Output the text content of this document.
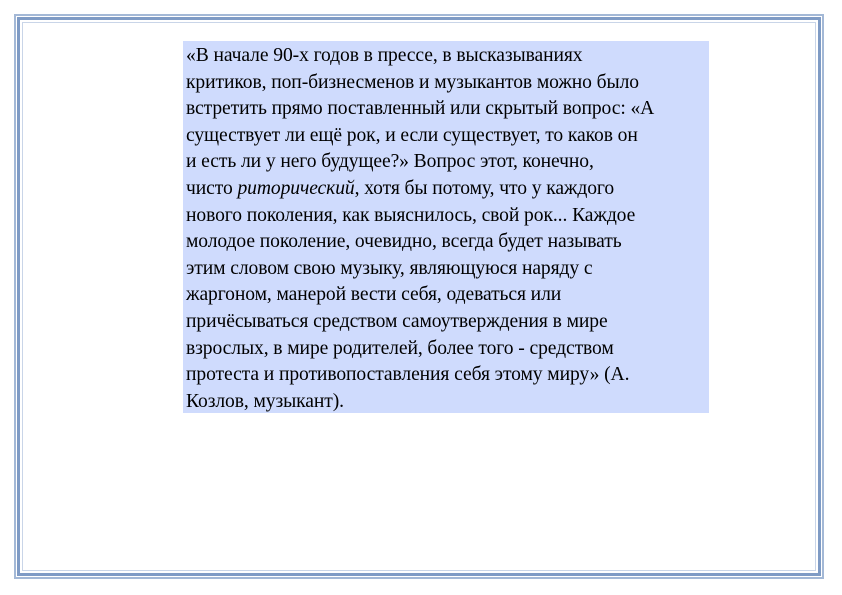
«В начале 90-х годов в прессе, в высказываниях
критиков, поп-бизнесменов и музыкантов можно было
встретить прямо поставленный или скрытый вопрос: «А
существует ли ещё рок, и если существует, то каков он
и есть ли у него будущее?» Вопрос этот, конечно,
чисто риторический, хотя бы потому, что у каждого
нового поколения, как выяснилось, свой рок... Каждое
молодое поколение, очевидно, всегда будет называть
этим словом свою музыку, являющуюся наряду с
жаргоном, манерой вести себя, одеваться или
причёсываться средством самоутверждения в мире
взрослых, в мире родителей, более того - средством
протеста и противопоставления себя этому миру» (А.
Козлов, музыкант).
